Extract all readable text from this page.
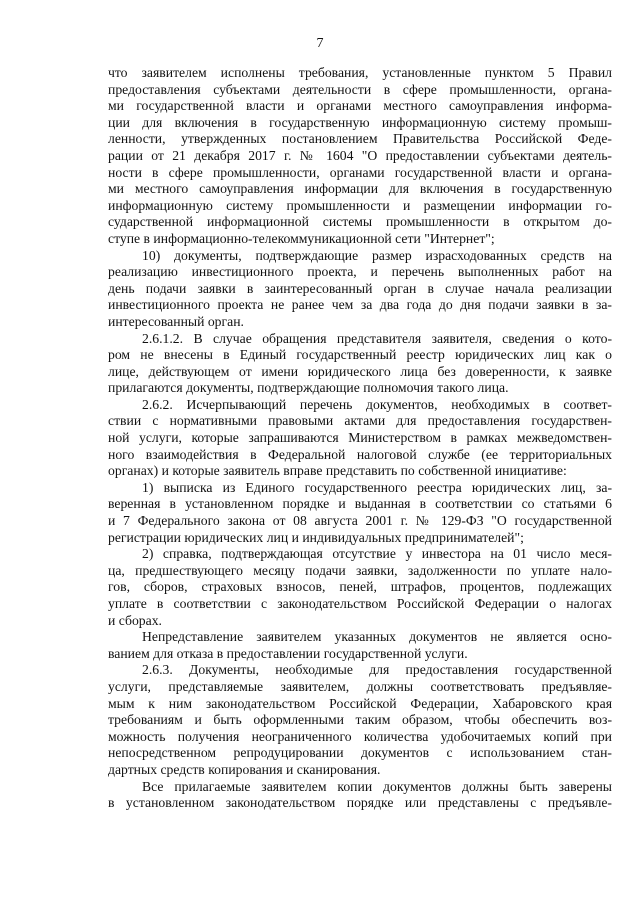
7

что заявителем исполнены требования, установленные пунктом 5 Правил
предоставления субъектами деятельности в сфере промышленности, органа-
ми государственной власти и органами местного самоуправления информа-
ции для включения в государственную информационную систему промыш-
ленности, утвержденных постановлением Правительства Российской Феде-
рации от 21 декабря 2017 г. № 1604 "О предоставлении субъектами деятель-
ности в сфере промышленности, органами государственной власти и органа-
ми местного самоуправления информации для включения в государственную
информационную систему промышленности и размещении информации го-
сударственной информационной системы промышленности в открытом до-
ступе в информационно-телекоммуникационной сети "Интернет";

10) документы, подтверждающие размер израсходованных средств на
реализацию инвестиционного проекта, и перечень выполненных работ на
день подачи заявки в заинтересованный орган в случае начала реализации
инвестиционного проекта не ранее чем за два года до дня подачи заявки в за-
интересованный орган.

2.6.1.2. В случае обращения представителя заявителя, сведения о кото-
ром не внесены в Единый государственный реестр юридических лиц как о
лице, действующем от имени юридического лица без доверенности, к заявке
прилагаются документы, подтверждающие полномочия такого лица.

2.6.2. Исчерпывающий перечень документов, необходимых в соответ-
ствии с нормативными правовыми актами для предоставления государствен-
ной услуги, которые запрашиваются Министерством в рамках межведомствен-
ного взаимодействия в Федеральной налоговой службе (ее территориальных
органах) и которые заявитель вправе представить по собственной инициативе:

1) выписка из Единого государственного реестра юридических лиц, за-
веренная в установленном порядке и выданная в соответствии со статьями 6
и 7 Федерального закона от 08 августа 2001 г. № 129-ФЗ "О государственной
регистрации юридических лиц и индивидуальных предпринимателей";

2) справка, подтверждающая отсутствие у инвестора на 01 число меся-
ца, предшествующего месяцу подачи заявки, задолженности по уплате нало-
гов, сборов, страховых взносов, пеней, штрафов, процентов, подлежащих
уплате в соответствии с законодательством Российской Федерации о налогах
и сборах.

Непредставление заявителем указанных документов не является осно-
ванием для отказа в предоставлении государственной услуги.

2.6.3. Документы, необходимые для предоставления государственной
услуги, представляемые заявителем, должны соответствовать предъявляе-
мым к ним законодательством Российской Федерации, Хабаровского края
требованиям и быть оформленными таким образом, чтобы обеспечить воз-
можность получения неограниченного количества удобочитаемых копий при
непосредственном репродуцировании документов с использованием стан-
дартных средств копирования и сканирования.

Все прилагаемые заявителем копии документов должны быть заверены
в установленном законодательством порядке или представлены с предъявле-
